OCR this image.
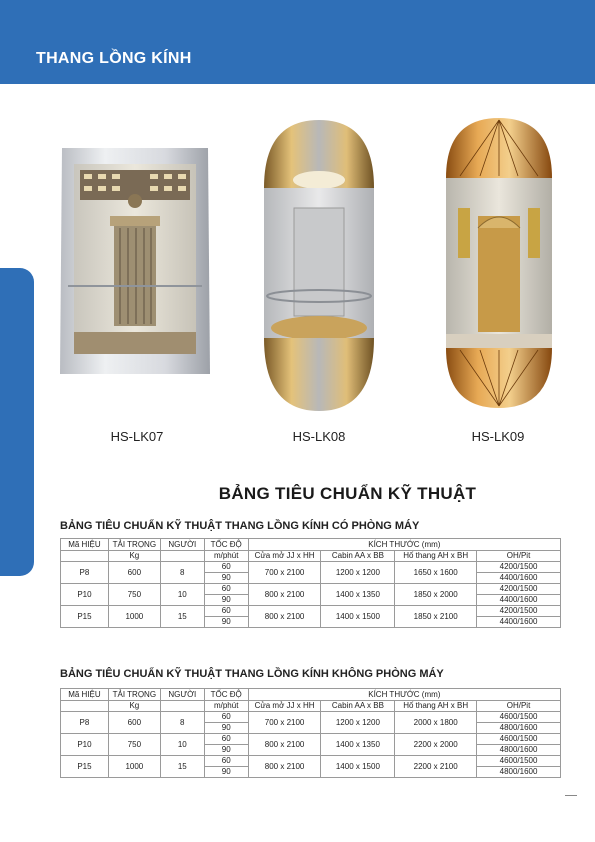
THANG LỒNG KÍNH
HS-LK07	HS-LK08	HS-LK09
BẢNG TIÊU CHUẨN KỸ THUẬT
BẢNG TIÊU CHUẨN KỸ THUẬT THANG LỒNG KÍNH CÓ PHÒNG MÁY
Mã HIỆU	TẢI TRỌNG	NGƯỜI	TỐC ĐỘ	KÍCH THƯỚC (mm)			
	Kg		m/phút	Cửa mở JJ x HH	Cabin AA x BB	Hố thang AH x BH	OH/Pit
P8	600	8	60	700 x 2100	1200 x 1200	1650 x 1600	4200/1500
			90				4400/1600
P10	750	10	60	800 x 2100	1400 x 1350	1850 x 2000	4200/1500
			90				4400/1600
P15	1000	15	60	800 x 2100	1400 x 1500	1850 x 2100	4200/1500
			90				4400/1600
BẢNG TIÊU CHUẨN KỸ THUẬT THANG LỒNG KÍNH KHÔNG PHÒNG MÁY
Mã HIỆU	TẢI TRỌNG	NGƯỜI	TỐC ĐỘ	KÍCH THƯỚC (mm)			
	Kg		m/phút	Cửa mở JJ x HH	Cabin AA x BB	Hố thang AH x BH	OH/Pit
P8	600	8	60	700 x 2100	1200 x 1200	2000 x 1800	4600/1500
			90				4800/1600
P10	750	10	60	800 x 2100	1400 x 1350	2200 x 2000	4600/1500
			90				4800/1600
P15	1000	15	60	800 x 2100	1400 x 1500	2200 x 2100	4600/1500
			90				4800/1600
